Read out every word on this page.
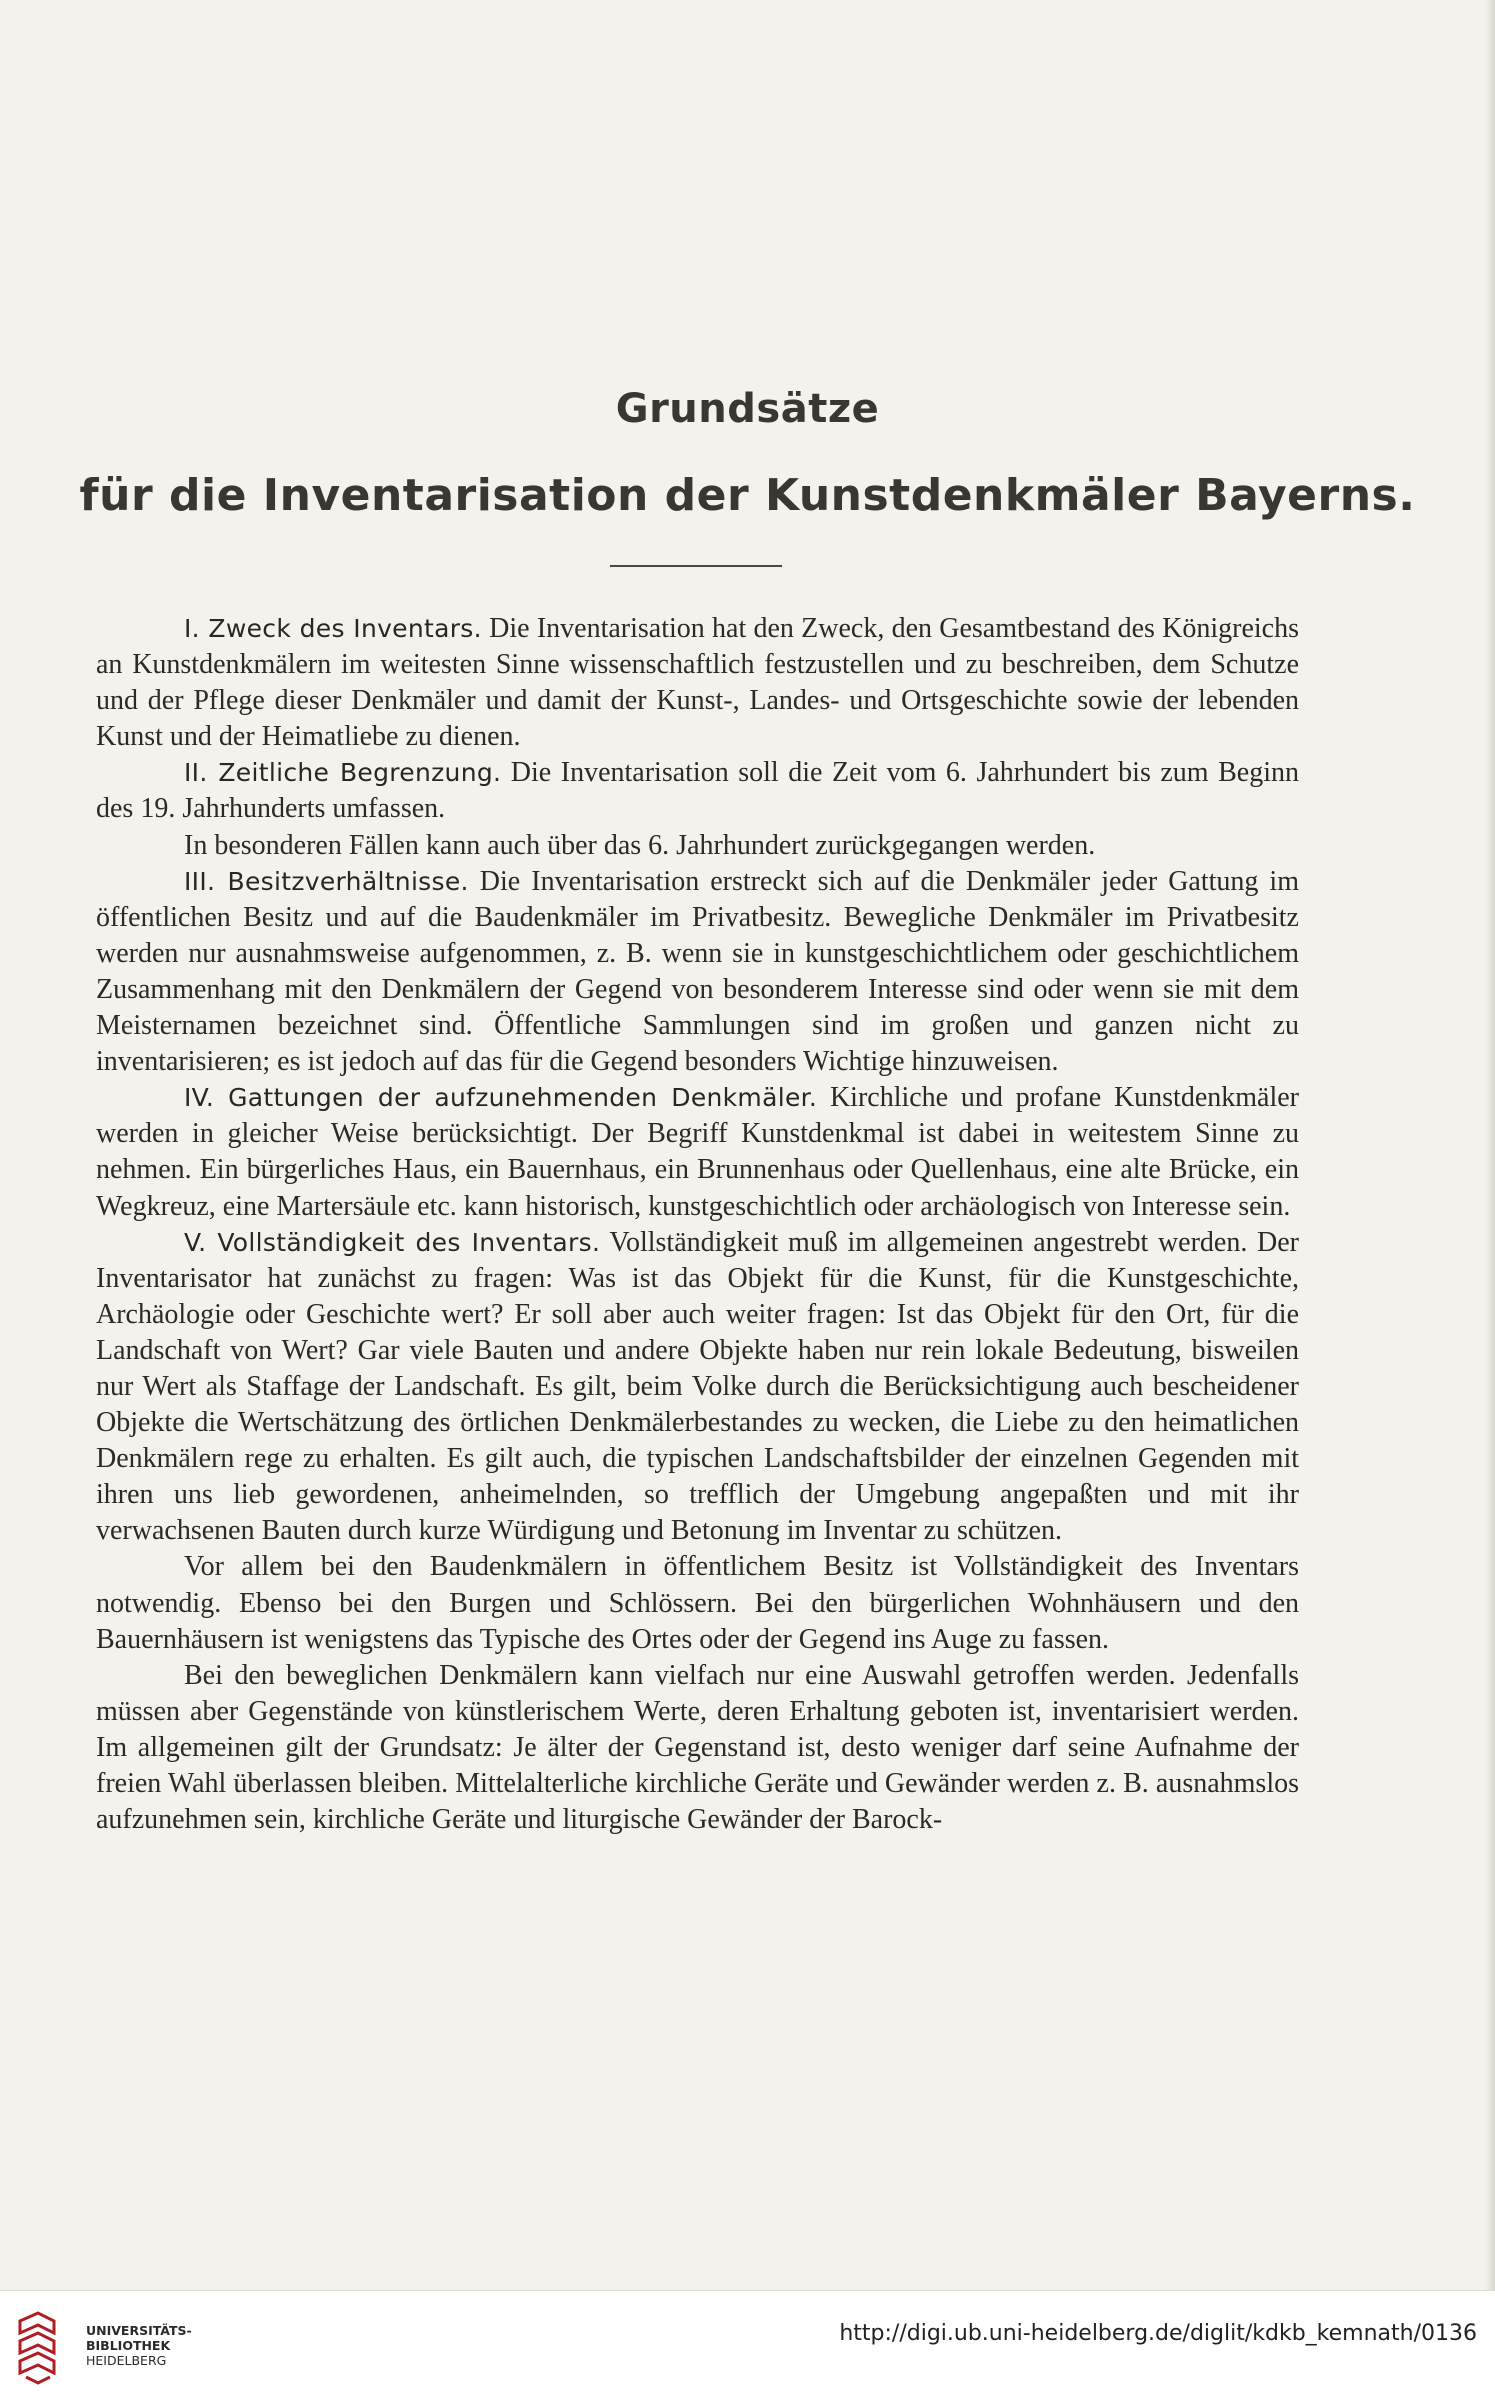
Grundsätze
für die Inventarisation der Kunstdenkmäler Bayerns.

I. Zweck des Inventars. Die Inventarisation hat den Zweck, den Gesamtbestand des Königreichs an Kunstdenkmälern im weitesten Sinne wissenschaftlich festzustellen und zu beschreiben, dem Schutze und der Pflege dieser Denkmäler und damit der Kunst-, Landes- und Ortsgeschichte sowie der lebenden Kunst und der Heimatliebe zu dienen.

II. Zeitliche Begrenzung. Die Inventarisation soll die Zeit vom 6. Jahrhundert bis zum Beginn des 19. Jahrhunderts umfassen.

In besonderen Fällen kann auch über das 6. Jahrhundert zurückgegangen werden.

III. Besitzverhältnisse. Die Inventarisation erstreckt sich auf die Denkmäler jeder Gattung im öffentlichen Besitz und auf die Baudenkmäler im Privatbesitz. Bewegliche Denkmäler im Privatbesitz werden nur ausnahmsweise aufgenommen, z. B. wenn sie in kunstgeschichtlichem oder geschichtlichem Zusammenhang mit den Denkmälern der Gegend von besonderem Interesse sind oder wenn sie mit dem Meisternamen bezeichnet sind. Öffentliche Sammlungen sind im großen und ganzen nicht zu inventarisieren; es ist jedoch auf das für die Gegend besonders Wichtige hinzuweisen.

IV. Gattungen der aufzunehmenden Denkmäler. Kirchliche und profane Kunstdenkmäler werden in gleicher Weise berücksichtigt. Der Begriff Kunstdenkmal ist dabei in weitestem Sinne zu nehmen. Ein bürgerliches Haus, ein Bauernhaus, ein Brunnenhaus oder Quellenhaus, eine alte Brücke, ein Wegkreuz, eine Martersäule etc. kann historisch, kunstgeschichtlich oder archäologisch von Interesse sein.

V. Vollständigkeit des Inventars. Vollständigkeit muß im allgemeinen angestrebt werden. Der Inventarisator hat zunächst zu fragen: Was ist das Objekt für die Kunst, für die Kunstgeschichte, Archäologie oder Geschichte wert? Er soll aber auch weiter fragen: Ist das Objekt für den Ort, für die Landschaft von Wert? Gar viele Bauten und andere Objekte haben nur rein lokale Bedeutung, bisweilen nur Wert als Staffage der Landschaft. Es gilt, beim Volke durch die Berücksichtigung auch bescheidener Objekte die Wertschätzung des örtlichen Denkmälerbestandes zu wecken, die Liebe zu den heimatlichen Denkmälern rege zu erhalten. Es gilt auch, die typischen Landschaftsbilder der einzelnen Gegenden mit ihren uns lieb gewordenen, anheimelnden, so trefflich der Umgebung angepaßten und mit ihr verwachsenen Bauten durch kurze Würdigung und Betonung im Inventar zu schützen.

Vor allem bei den Baudenkmälern in öffentlichem Besitz ist Vollständigkeit des Inventars notwendig. Ebenso bei den Burgen und Schlössern. Bei den bürgerlichen Wohnhäusern und den Bauernhäusern ist wenigstens das Typische des Ortes oder der Gegend ins Auge zu fassen.

Bei den beweglichen Denkmälern kann vielfach nur eine Auswahl getroffen werden. Jedenfalls müssen aber Gegenstände von künstlerischem Werte, deren Erhaltung geboten ist, inventarisiert werden. Im allgemeinen gilt der Grundsatz: Je älter der Gegenstand ist, desto weniger darf seine Aufnahme der freien Wahl überlassen bleiben. Mittelalterliche kirchliche Geräte und Gewänder werden z. B. ausnahmslos aufzunehmen sein, kirchliche Geräte und liturgische Gewänder der Barock-

UNIVERSITÄTS-
BIBLIOTHEK
HEIDELBERG
http://digi.ub.uni-heidelberg.de/diglit/kdkb_kemnath/0136
